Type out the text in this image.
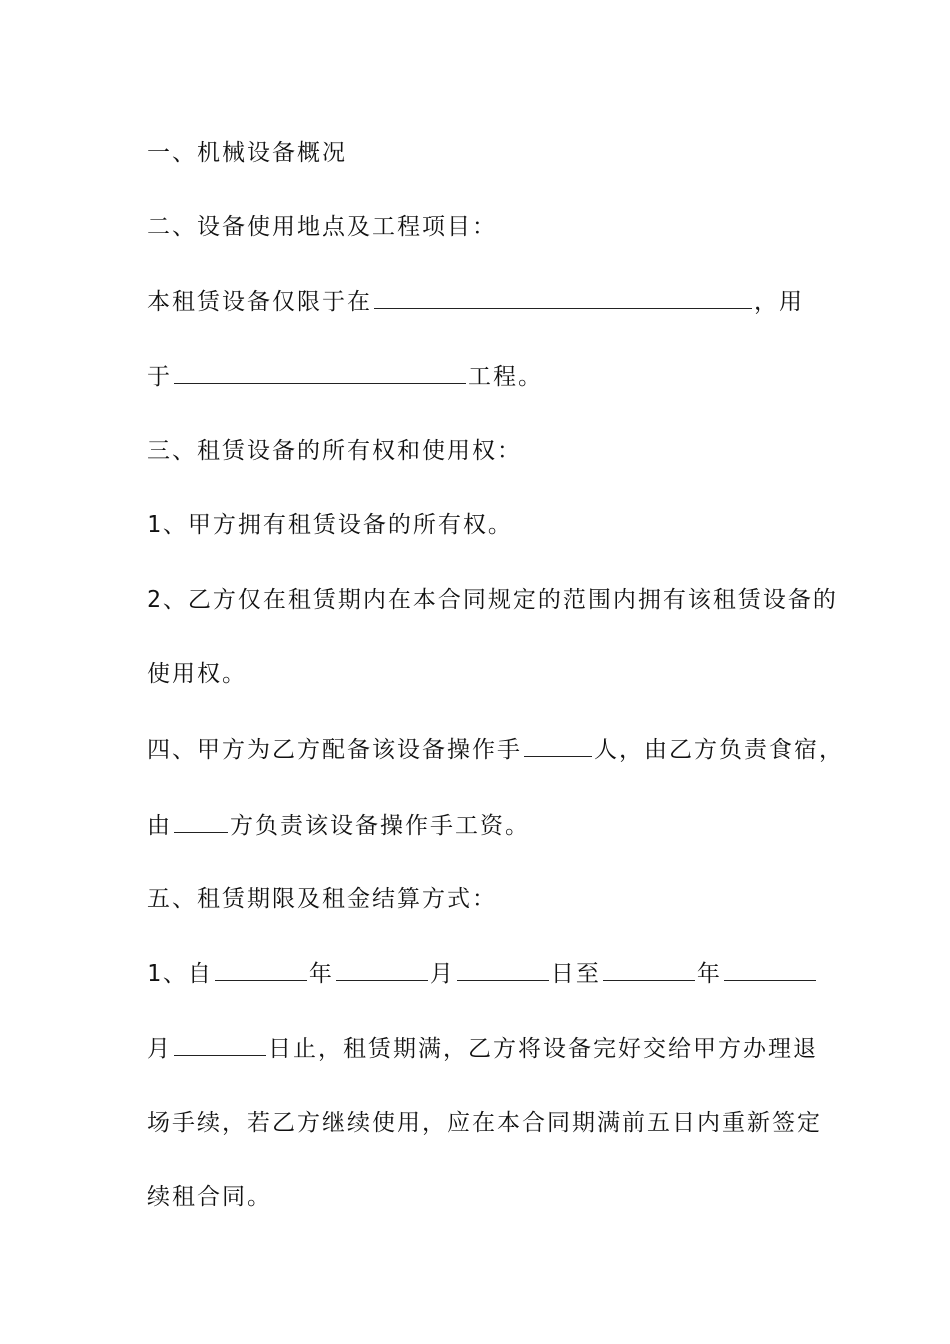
一、机械设备概况
二、设备使用地点及工程项目：
本租赁设备仅限于在	，用
于	工程。
三、租赁设备的所有权和使用权：
1、甲方拥有租赁设备的所有权。
2、乙方仅在租赁期内在本合同规定的范围内拥有该租赁设备的
使用权。
四、甲方为乙方配备该设备操作手	人，由乙方负责食宿，
由	方负责该设备操作手工资。
五、租赁期限及租金结算方式：
1、自	年	月	日至	年
月	日止，租赁期满，乙方将设备完好交给甲方办理退
场手续，若乙方继续使用，应在本合同期满前五日内重新签定
续租合同。
